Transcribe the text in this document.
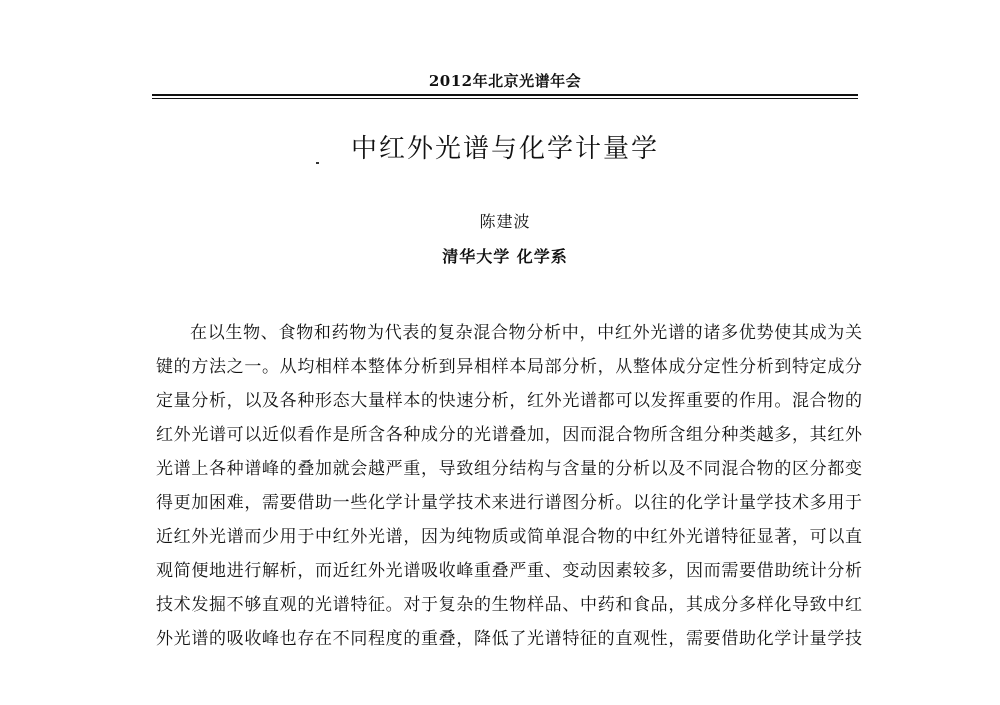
2012年北京光谱年会
中红外光谱与化学计量学
陈建波
清华大学 化学系
在以生物、食物和药物为代表的复杂混合物分析中，中红外光谱的诸多优势使其成为关
键的方法之一。从均相样本整体分析到异相样本局部分析，从整体成分定性分析到特定成分
定量分析，以及各种形态大量样本的快速分析，红外光谱都可以发挥重要的作用。混合物的
红外光谱可以近似看作是所含各种成分的光谱叠加，因而混合物所含组分种类越多，其红外
光谱上各种谱峰的叠加就会越严重，导致组分结构与含量的分析以及不同混合物的区分都变
得更加困难，需要借助一些化学计量学技术来进行谱图分析。以往的化学计量学技术多用于
近红外光谱而少用于中红外光谱，因为纯物质或简单混合物的中红外光谱特征显著，可以直
观简便地进行解析，而近红外光谱吸收峰重叠严重、变动因素较多，因而需要借助统计分析
技术发掘不够直观的光谱特征。对于复杂的生物样品、中药和食品，其成分多样化导致中红
外光谱的吸收峰也存在不同程度的重叠，降低了光谱特征的直观性，需要借助化学计量学技
